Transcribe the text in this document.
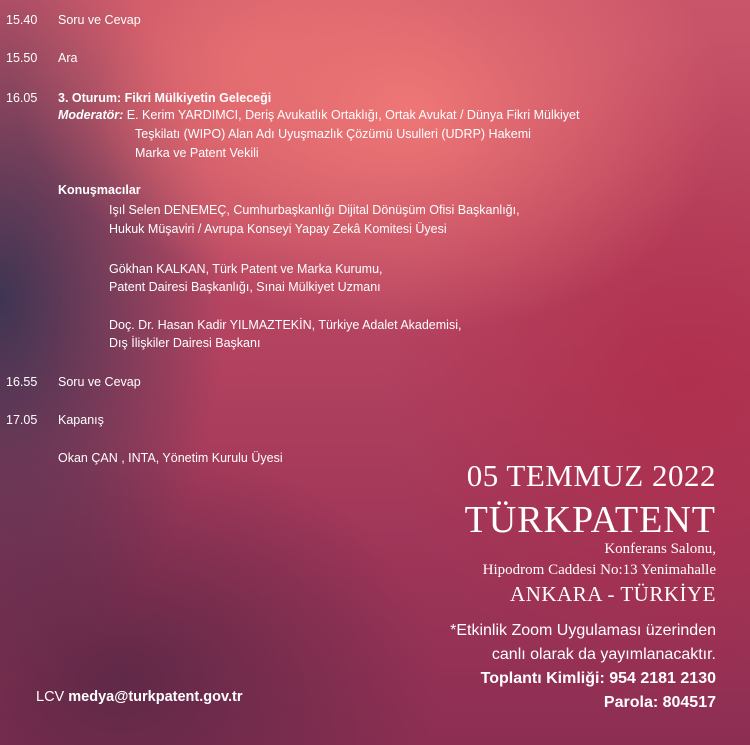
15.40 Soru ve Cevap
15.50 Ara
16.05 3. Oturum: Fikri Mülkiyetin Geleceği
Moderatör: E. Kerim YARDIMCI, Deriş Avukatlık Ortaklığı, Ortak Avukat / Dünya Fikri Mülkiyet
Teşkilatı (WIPO) Alan Adı Uyuşmazlık Çözümü Usulleri (UDRP) Hakemi
Marka ve Patent Vekili
Konuşmacılar
Işıl Selen DENEMEÇ, Cumhurbaşkanlığı Dijital Dönüşüm Ofisi Başkanlığı,
Hukuk Müşaviri / Avrupa Konseyi Yapay Zekâ Komitesi Üyesi
Gökhan KALKAN, Türk Patent ve Marka Kurumu,
Patent Dairesi Başkanlığı, Sınai Mülkiyet Uzmanı
Doç. Dr. Hasan Kadir YILMAZTEKİN, Türkiye Adalet Akademisi,
Dış İlişkiler Dairesi Başkanı
16.55 Soru ve Cevap
17.05 Kapanış
Okan ÇAN , INTA, Yönetim Kurulu Üyesi	05 TEMMUZ 2022
TÜRKPATENT
Konferans Salonu,
Hipodrom Caddesi No:13 Yenimahalle
ANKARA - TÜRKİYE
*Etkinlik Zoom Uygulaması üzerinden
canlı olarak da yayımlanacaktır.
Toplantı Kimliği: 954 2181 2130
Parola: 804517
LCV medya@turkpatent.gov.tr
